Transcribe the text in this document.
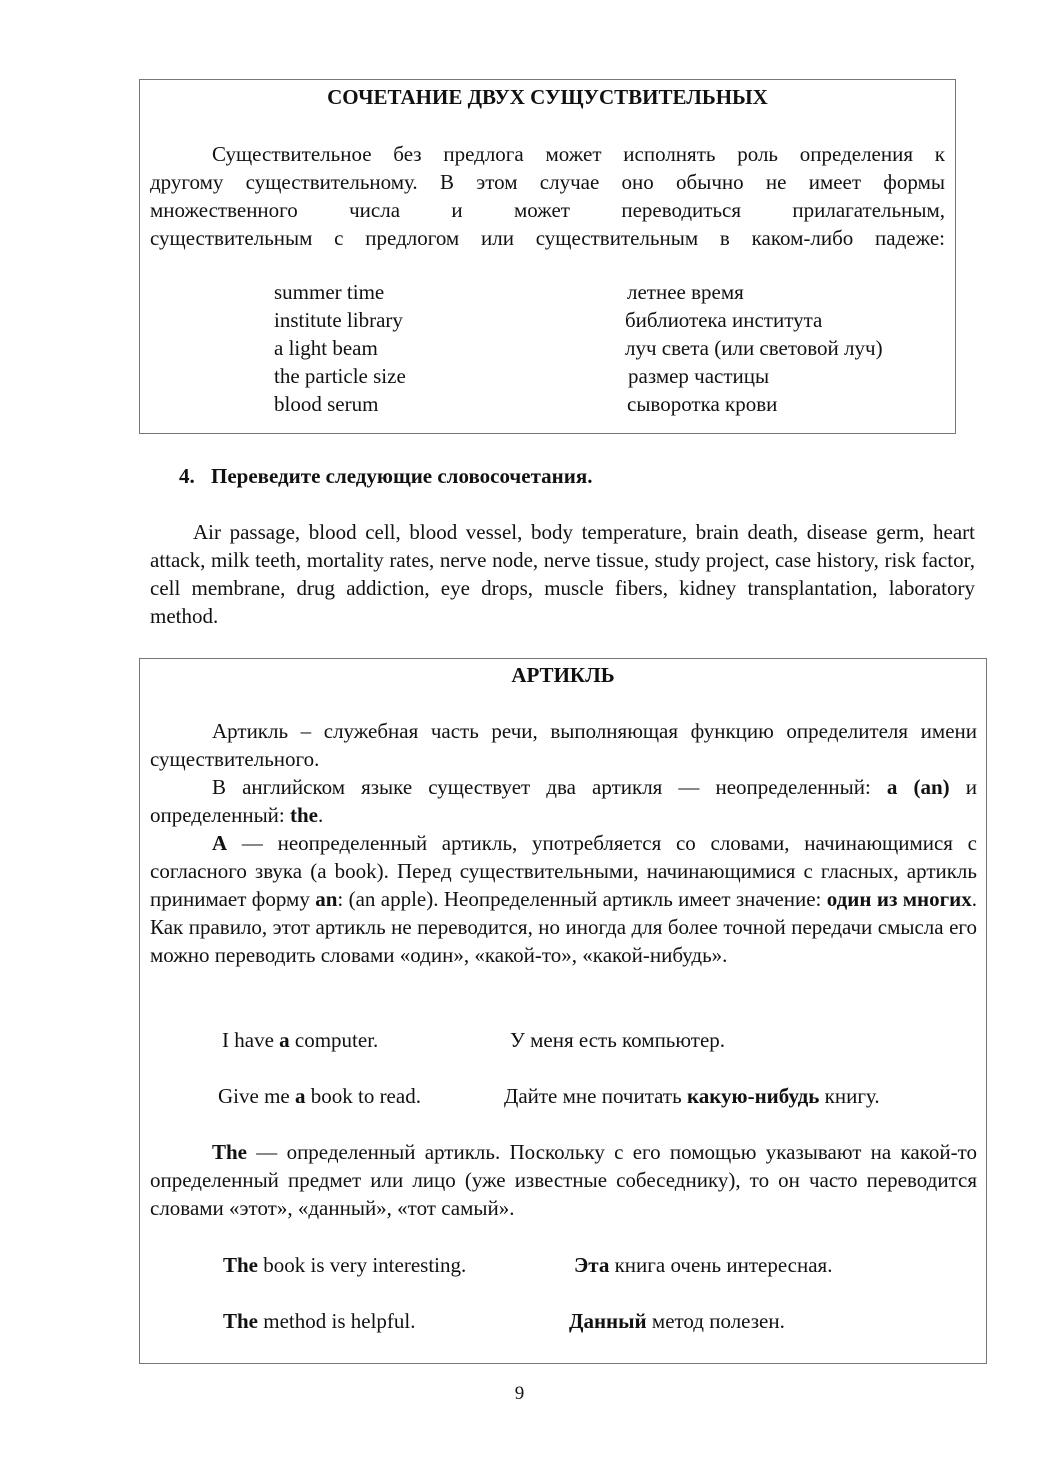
СОЧЕТАНИЕ ДВУХ СУЩУСТВИТЕЛЬНЫХ

Существительное без предлога может исполнять роль определения к

другому существительному. В этом случае оно обычно не имеет формы

множественного числа и может переводиться прилагательным,

существительным с предлогом или существительным в каком-либо падеже:

summer time	летнее время
institute library	библиотека института
a light beam	луч света (или световой луч)
the particle size	размер частицы
blood serum	сыворотка крови
4. Переведите следующие словосочетания.

Air passage, blood cell, blood vessel, body temperature, brain death, disease germ, heart attack, milk teeth, mortality rates, nerve node, nerve tissue, study project, case history, risk factor, cell membrane, drug addiction, eye drops, muscle fibers, kidney transplantation, laboratory method.

АРТИКЛЬ

Артикль – служебная часть речи, выполняющая функцию определителя имени существительного.

В английском языке существует два артикля — неопределенный: a (an) и определенный: the.

A — неопределенный артикль, употребляется со словами, начинающимися с согласного звука (a book). Перед существительными, начинающимися с гласных, артикль принимает форму an: (an apple). Неопределенный артикль имеет значение: один из многих. Как правило, этот артикль не переводится, но иногда для более точной передачи смысла его можно переводить словами «один», «какой-то», «какой-нибудь».

I have a computer.	У меня есть компьютер.
Give me a book to read.	Дайте мне почитать какую-нибудь книгу.

The — определенный артикль. Поскольку с его помощью указывают на какой-то определенный предмет или лицо (уже известные собеседнику), то он часто переводится словами «этот», «данный», «тот самый».

The book is very interesting.	Эта книга очень интересная.
The method is helpful.	Данный метод полезен.
9
